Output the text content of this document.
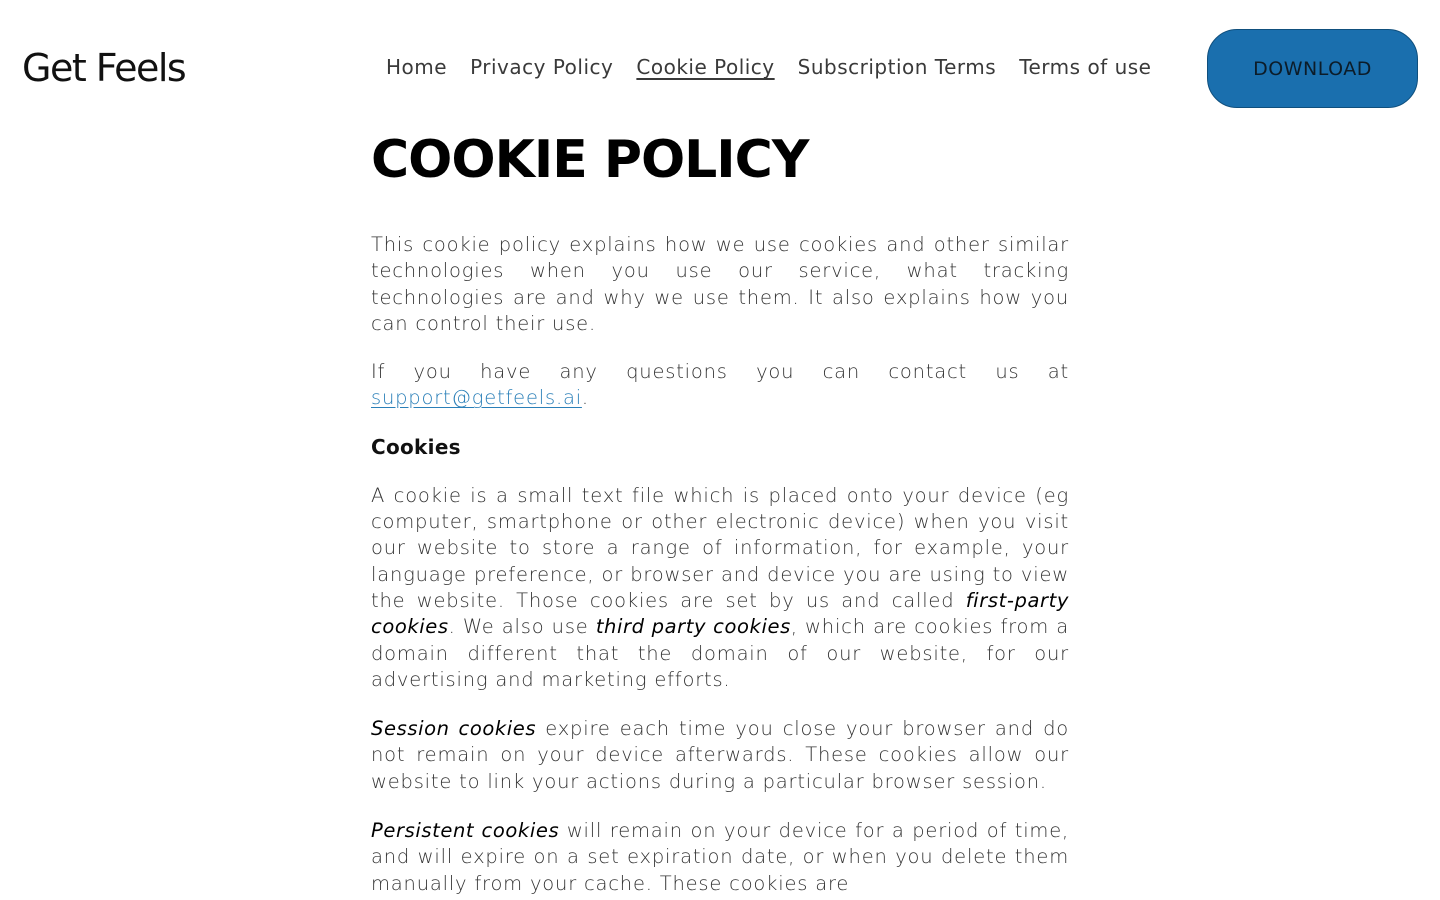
Get Feels	Home Privacy Policy Cookie Policy Subscription Terms Terms of use	DOWNLOAD
COOKIE POLICY

This cookie policy explains how we use cookies and other similar technologies when you use our service, what tracking technologies are and why we use them. It also explains how you can control their use.

If you have any questions you can contact us at support@getfeels.ai.

Cookies

A cookie is a small text file which is placed onto your device (eg computer, smartphone or other electronic device) when you visit our website to store a range of information, for example, your language preference, or browser and device you are using to view the website. Those cookies are set by us and called first-party cookies. We also use third party cookies, which are cookies from a domain different that the domain of our website, for our advertising and marketing efforts.

Session cookies expire each time you close your browser and do not remain on your device afterwards. These cookies allow our website to link your actions during a particular browser session.

Persistent cookies will remain on your device for a period of time, and will expire on a set expiration date, or when you delete them manually from your cache. These cookies are
